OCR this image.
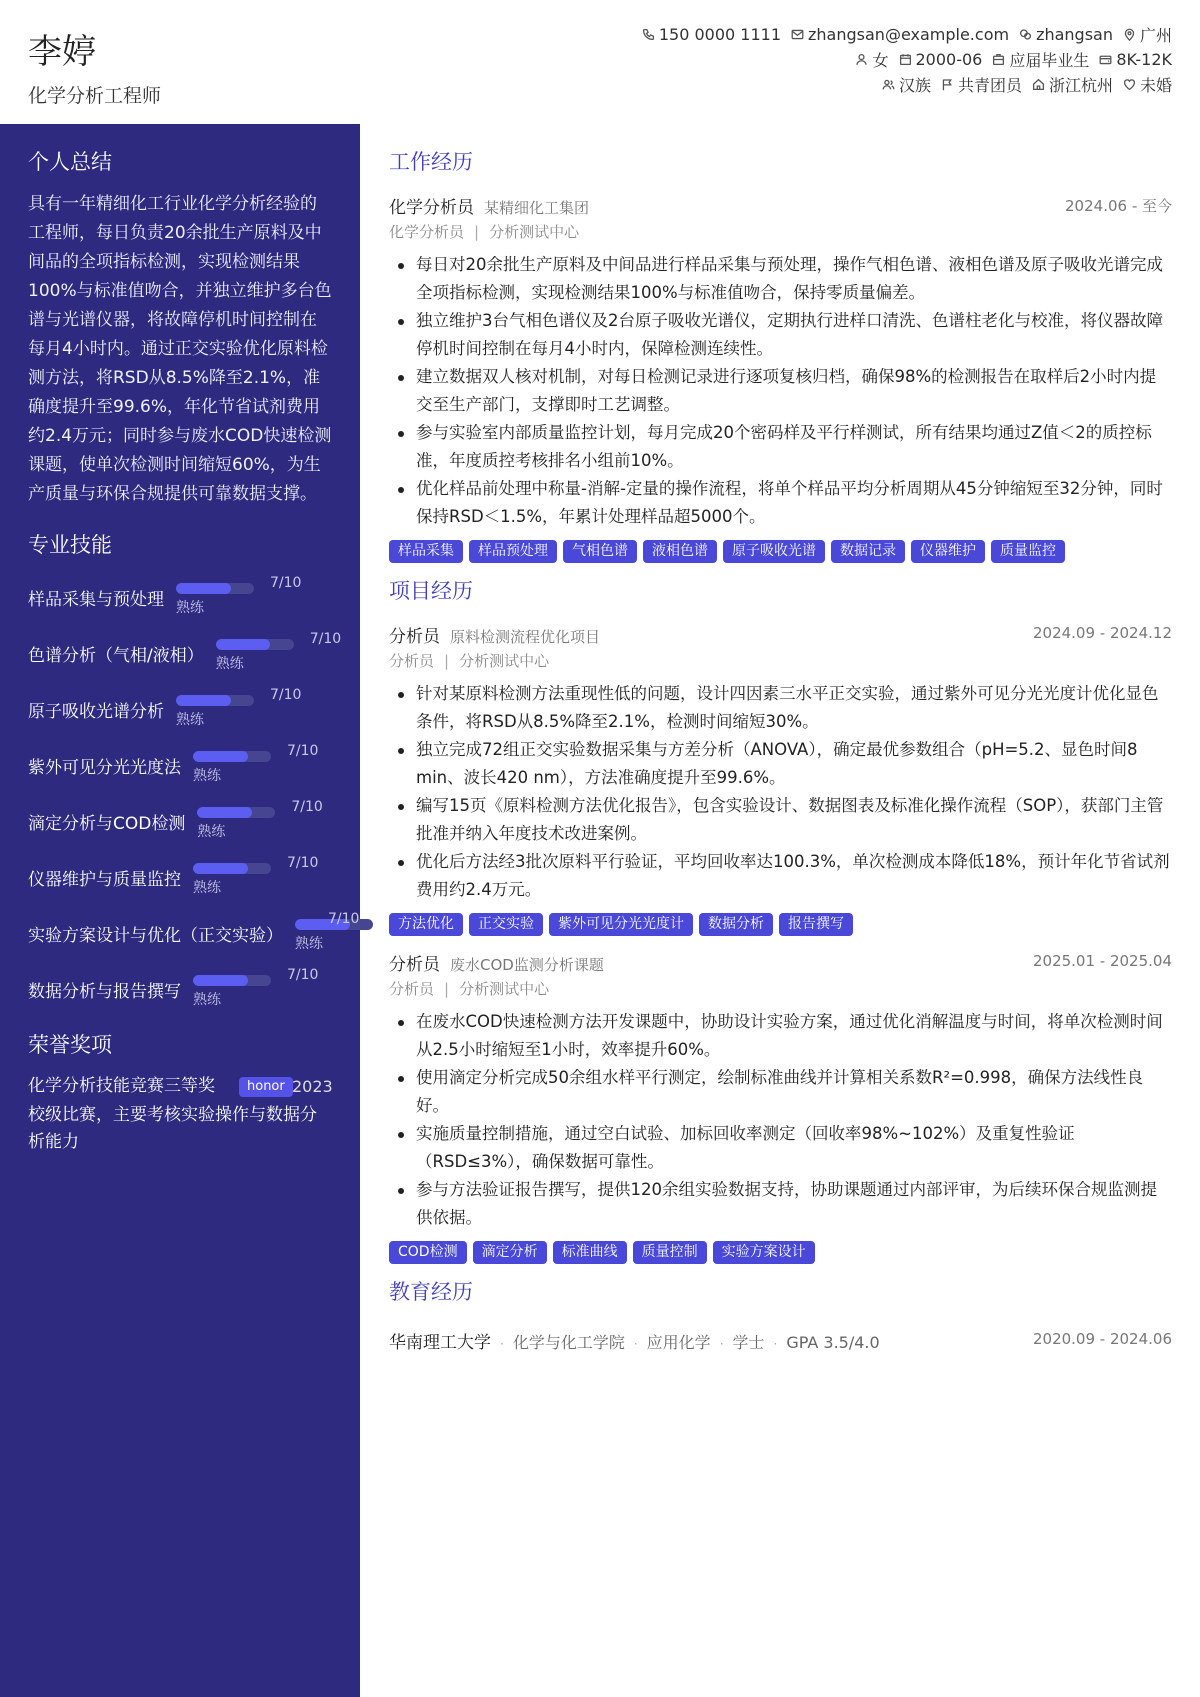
李婷
化学分析工程师
150 0000 1111 zhangsan@example.com zhangsan 广州
女 2000-06 应届毕业生 8K-12K
汉族 共青团员 浙江杭州 未婚
个人总结

具有一年精细化工行业化学分析经验的工程师，每日负责20余批生产原料及中间品的全项指标检测，实现检测结果100%与标准值吻合，并独立维护多台色谱与光谱仪器，将故障停机时间控制在每月4小时内。通过正交实验优化原料检测方法，将RSD从8.5%降至2.1%，准确度提升至99.6%，年化节省试剂费用约2.4万元；同时参与废水COD快速检测课题，使单次检测时间缩短60%，为生产质量与环保合规提供可靠数据支撑。

专业技能
样品采集与预处理
7/10
熟练
色谱分析（气相/液相）
7/10
熟练
原子吸收光谱分析
7/10
熟练
紫外可见分光光度法
7/10
熟练
滴定分析与COD检测
7/10
熟练
仪器维护与质量监控
7/10
熟练
实验方案设计与优化（正交实验）
7/10
熟练
数据分析与报告撰写
7/10
熟练
荣誉奖项
化学分析技能竞赛三等奖	honor 2023
校级比赛，主要考核实验操作与数据分析能力
工作经历
化学分析员 某精细化工集团	2024.06 - 至今
化学分析员 | 分析测试中心
每日对20余批生产原料及中间品进行样品采集与预处理，操作气相色谱、液相色谱及原子吸收光谱完成全项指标检测，实现检测结果100%与标准值吻合，保持零质量偏差。
独立维护3台气相色谱仪及2台原子吸收光谱仪，定期执行进样口清洗、色谱柱老化与校准，将仪器故障停机时间控制在每月4小时内，保障检测连续性。
建立数据双人核对机制，对每日检测记录进行逐项复核归档，确保98%的检测报告在取样后2小时内提交至生产部门，支撑即时工艺调整。
参与实验室内部质量监控计划，每月完成20个密码样及平行样测试，所有结果均通过Z值＜2的质控标准，年度质控考核排名小组前10%。
优化样品前处理中称量-消解-定量的操作流程，将单个样品平均分析周期从45分钟缩短至32分钟，同时保持RSD＜1.5%，年累计处理样品超5000个。
样品采集	样品预处理	气相色谱	液相色谱	原子吸收光谱	数据记录	仪器维护	质量监控
项目经历
分析员 原料检测流程优化项目	2024.09 - 2024.12
分析员 | 分析测试中心
针对某原料检测方法重现性低的问题，设计四因素三水平正交实验，通过紫外可见分光光度计优化显色条件，将RSD从8.5%降至2.1%，检测时间缩短30%。
独立完成72组正交实验数据采集与方差分析（ANOVA），确定最优参数组合（pH=5.2、显色时间8 min、波长420 nm），方法准确度提升至99.6%。
编写15页《原料检测方法优化报告》，包含实验设计、数据图表及标准化操作流程（SOP），获部门主管批准并纳入年度技术改进案例。
优化后方法经3批次原料平行验证，平均回收率达100.3%，单次检测成本降低18%，预计年化节省试剂费用约2.4万元。
方法优化	正交实验	紫外可见分光光度计	数据分析	报告撰写
分析员 废水COD监测分析课题	2025.01 - 2025.04
分析员 | 分析测试中心
在废水COD快速检测方法开发课题中，协助设计实验方案，通过优化消解温度与时间，将单次检测时间从2.5小时缩短至1小时，效率提升60%。
使用滴定分析完成50余组水样平行测定，绘制标准曲线并计算相关系数R²=0.998，确保方法线性良好。
实施质量控制措施，通过空白试验、加标回收率测定（回收率98%~102%）及重复性验证（RSD≤3%），确保数据可靠性。
参与方法验证报告撰写，提供120余组实验数据支持，协助课题通过内部评审，为后续环保合规监测提供依据。
COD检测	滴定分析	标准曲线	质量控制	实验方案设计
教育经历
华南理工大学 · 化学与化工学院 · 应用化学 · 学士 · GPA 3.5/4.0	2020.09 - 2024.06
